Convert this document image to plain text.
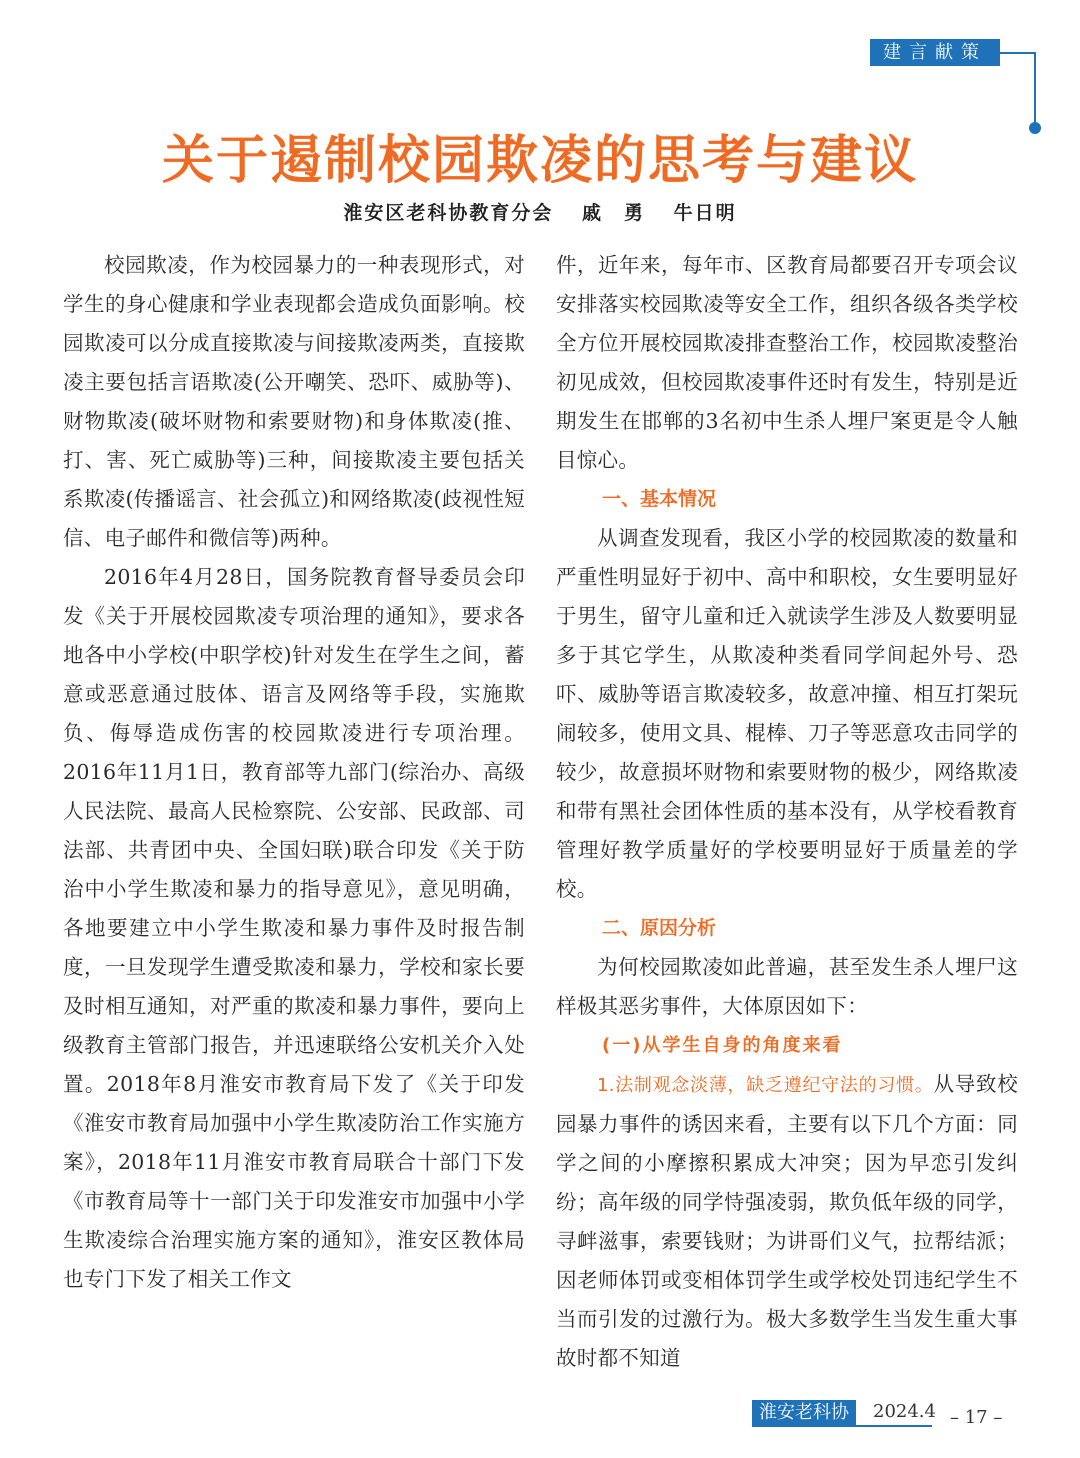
建言献策
关于遏制校园欺凌的思考与建议
淮安区老科协教育分会 戚　勇 牛日明

校园欺凌，作为校园暴力的一种表现形式，对学生的身心健康和学业表现都会造成负面影响。校园欺凌可以分成直接欺凌与间接欺凌两类，直接欺凌主要包括言语欺凌(公开嘲笑、恐吓、威胁等)、财物欺凌(破坏财物和索要财物)和身体欺凌(推、打、害、死亡威胁等)三种，间接欺凌主要包括关系欺凌(传播谣言、社会孤立)和网络欺凌(歧视性短信、电子邮件和微信等)两种。

2016年4月28日，国务院教育督导委员会印发《关于开展校园欺凌专项治理的通知》，要求各地各中小学校(中职学校)针对发生在学生之间，蓄意或恶意通过肢体、语言及网络等手段，实施欺负、侮辱造成伤害的校园欺凌进行专项治理。2016年11月1日，教育部等九部门(综治办、高级人民法院、最高人民检察院、公安部、民政部、司法部、共青团中央、全国妇联)联合印发《关于防治中小学生欺凌和暴力的指导意见》，意见明确，各地要建立中小学生欺凌和暴力事件及时报告制度，一旦发现学生遭受欺凌和暴力，学校和家长要及时相互通知，对严重的欺凌和暴力事件，要向上级教育主管部门报告，并迅速联络公安机关介入处置。2018年8月淮安市教育局下发了《关于印发《淮安市教育局加强中小学生欺凌防治工作实施方案》，2018年11月淮安市教育局联合十部门下发《市教育局等十一部门关于印发淮安市加强中小学生欺凌综合治理实施方案的通知》，淮安区教体局也专门下发了相关工作文

件，近年来，每年市、区教育局都要召开专项会议安排落实校园欺凌等安全工作，组织各级各类学校全方位开展校园欺凌排查整治工作，校园欺凌整治初见成效，但校园欺凌事件还时有发生，特别是近期发生在邯郸的3名初中生杀人埋尸案更是令人触目惊心。

一、基本情况

从调查发现看，我区小学的校园欺凌的数量和严重性明显好于初中、高中和职校，女生要明显好于男生，留守儿童和迁入就读学生涉及人数要明显多于其它学生，从欺凌种类看同学间起外号、恐吓、威胁等语言欺凌较多，故意冲撞、相互打架玩闹较多，使用文具、棍棒、刀子等恶意攻击同学的较少，故意损坏财物和索要财物的极少，网络欺凌和带有黑社会团体性质的基本没有，从学校看教育管理好教学质量好的学校要明显好于质量差的学校。

二、原因分析

为何校园欺凌如此普遍，甚至发生杀人埋尸这样极其恶劣事件，大体原因如下：

(一)从学生自身的角度来看

1.法制观念淡薄，缺乏遵纪守法的习惯。从导致校园暴力事件的诱因来看，主要有以下几个方面：同学之间的小摩擦积累成大冲突；因为早恋引发纠纷；高年级的同学恃强凌弱，欺负低年级的同学，寻衅滋事，索要钱财；为讲哥们义气，拉帮结派；因老师体罚或变相体罚学生或学校处罚违纪学生不当而引发的过激行为。极大多数学生当发生重大事故时都不知道

淮安老科协	2024.4 – 17 –
